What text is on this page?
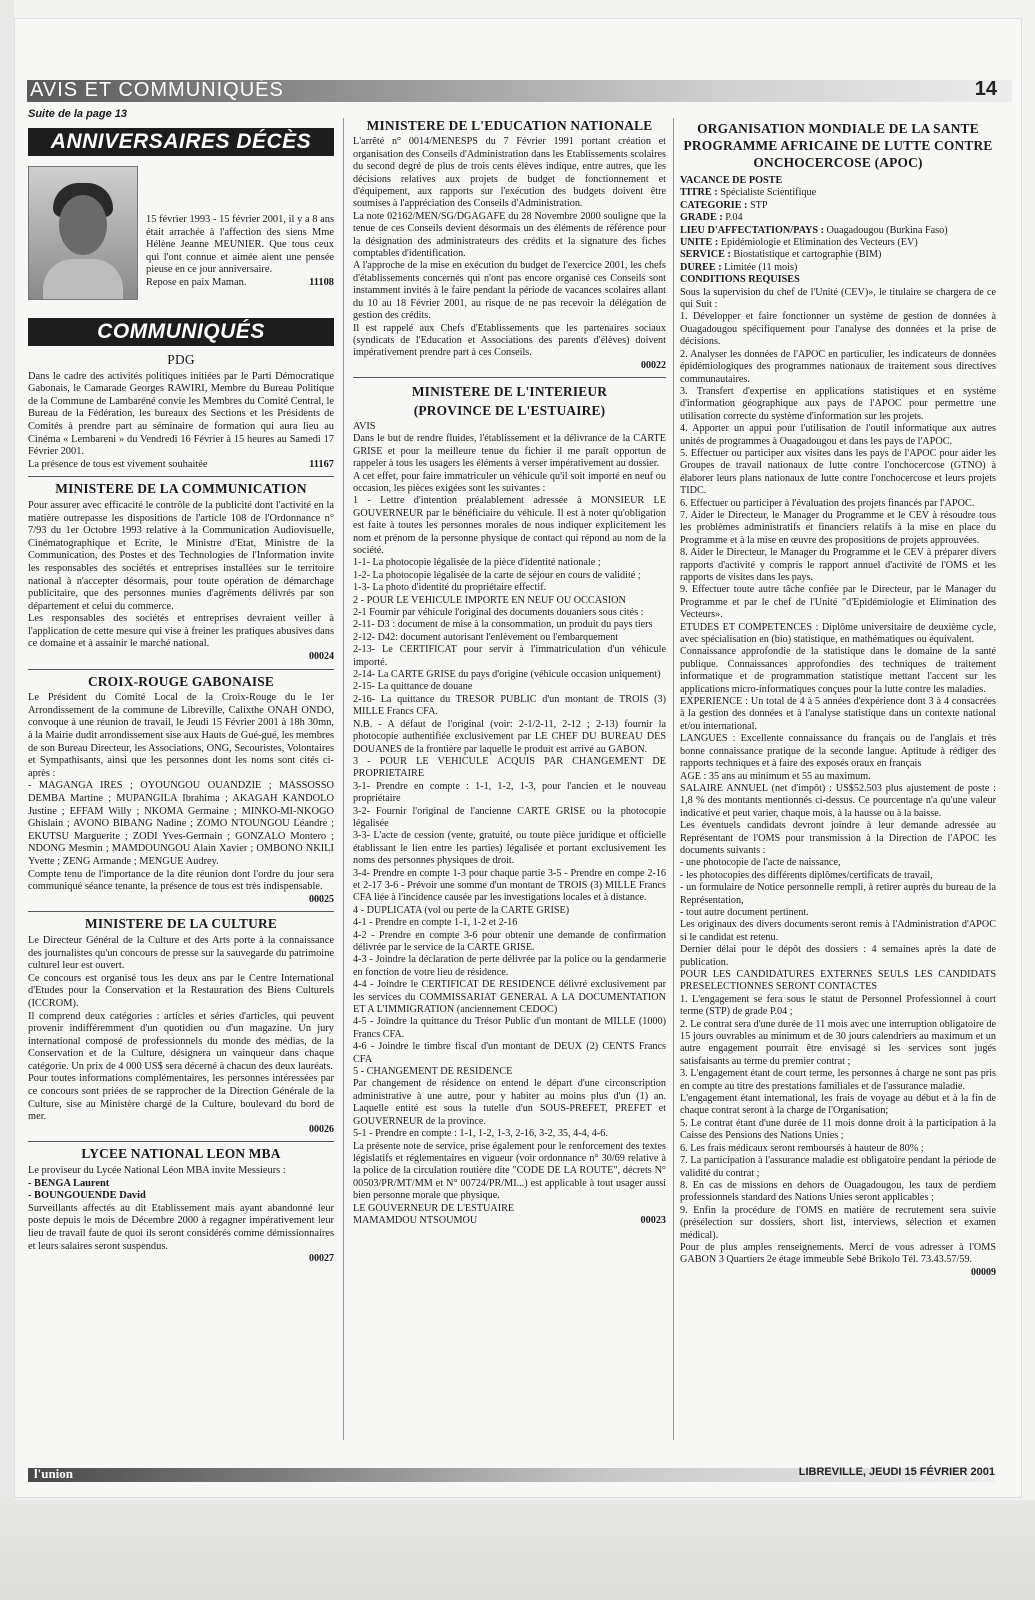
AVIS ET COMMUNIQUÉS	14
Suite de la page 13
ANNIVERSAIRES DÉCÈS

15 février 1993 - 15 février 2001, il y a 8 ans était arrachée à l'affection des siens Mme Hélène Jeanne MEUNIER. Que tous ceux qui l'ont connue et aimée aient une pensée pieuse en ce jour anniversaire.

Repose en paix Maman.	11108

COMMUNIQUÉS
PDG

Dans le cadre des activités politiques initiées par le Parti Démocratique Gabonais, le Camarade Georges RAWIRI, Membre du Bureau Politique de la Commune de Lambaréné convie les Membres du Comité Central, le Bureau de la Fédération, les bureaux des Sections et les Présidents de Comités à prendre part au séminaire de formation qui aura lieu au Cinéma « Lembareni » du Vendredi 16 Février à 15 heures au Samedi 17 Février 2001.

La présence de tous est vivement souhaitée	11167

MINISTERE DE LA COMMUNICATION

Pour assurer avec efficacité le contrôle de la publicité dont l'activité en la matière outrepasse les dispositions de l'article 108 de l'Ordonnance n° 7/93 du 1er Octobre 1993 relative à la Communication Audiovisuelle, Cinématographique et Ecrite, le Ministre d'Etat, Ministre de la Communication, des Postes et des Technologies de l'Information invite les responsables des sociétés et entreprises installées sur le territoire national à n'accepter désormais, pour toute opération de démarchage publicitaire, que des personnes munies d'agréments délivrés par son département et celui du commerce.

Les responsables des sociétés et entreprises devraient veiller à l'application de cette mesure qui vise à freiner les pratiques abusives dans ce domaine et à assainir le marché national.

00024
CROIX-ROUGE GABONAISE

Le Président du Comité Local de la Croix-Rouge du le 1er Arrondissement de la commune de Libreville, Calixthe ONAH ONDO, convoque à une réunion de travail, le Jeudi 15 Février 2001 à 18h 30mn, à la Mairie dudit arrondissement sise aux Hauts de Gué-gué, les membres de son Bureau Directeur, les Associations, ONG, Secouristes, Volontaires et Sympathisants, ainsi que les personnes dont les noms sont cités ci-après :

- MAGANGA IRES ; OYOUNGOU OUANDZIE ; MASSOSSO DEMBA Martine ; MUPANGILA Ibrahima ; AKAGAH KANDOLO Justine ; EFFAM Willy ; NKOMA Germaine ; MINKO-MI-NKOGO Ghislain ; AVONO BIBANG Nadine ; ZOMO NTOUNGOU Léandre ; EKUTSU Marguerite ; ZODI Yves-Germain ; GONZALO Montero ; NDONG Mesmin ; MAMDOUNGOU Alain Xavier ; OMBONO NKILI Yvette ; ZENG Armande ; MENGUE Audrey.

Compte tenu de l'importance de la dite réunion dont l'ordre du jour sera communiqué séance tenante, la présence de tous est très indispensable.

00025
MINISTERE DE LA CULTURE

Le Directeur Général de la Culture et des Arts porte à la connaissance des journalistes qu'un concours de presse sur la sauvegarde du patrimoine culturel leur est ouvert.

Ce concours est organisé tous les deux ans par le Centre International d'Etudes pour la Conservation et la Restauration des Biens Culturels (ICCROM).

Il comprend deux catégories : articles et séries d'articles, qui peuvent provenir indifféremment d'un quotidien ou d'un magazine. Un jury international composé de professionnels du monde des médias, de la Conservation et de la Culture, désignera un vainqueur dans chaque catégorie. Un prix de 4 000 US$ sera décerné à chacun des deux lauréats.

Pour toutes informations complémentaires, les personnes intéressées par ce concours sont priées de se rapprocher de la Direction Générale de la Culture, sise au Ministère chargé de la Culture, boulevard du bord de mer.

00026
LYCEE NATIONAL LEON MBA

Le proviseur du Lycée National Léon MBA invite Messieurs :

- BENGA Laurent

- BOUNGOUENDE David

Surveillants affectés au dit Etablissement mais ayant abandonné leur poste depuis le mois de Décembre 2000 à regagner impérativement leur lieu de travail faute de quoi ils seront considérés comme démissionnaires et leurs salaires seront suspendus.

00027
MINISTERE DE L'EDUCATION NATIONALE

L'arrêté n° 0014/MENESPS du 7 Février 1991 portant création et organisation des Conseils d'Administration dans les Etablissements scolaires du second degré de plus de trois cents élèves indique, entre autres, que les décisions relatives aux projets de budget de fonctionnement et d'équipement, aux rapports sur l'exécution des budgets doivent être soumises à l'appréciation des Conseils d'Administration.

La note 02162/MEN/SG/DGAGAFE du 28 Novembre 2000 souligne que la tenue de ces Conseils devient désormais un des éléments de référence pour la désignation des administrateurs des crédits et la signature des fiches comptables d'identification.

A l'approche de la mise en exécution du budget de l'exercice 2001, les chefs d'établissements concernés qui n'ont pas encore organisé ces Conseils sont instamment invités à le faire pendant la période de vacances scolaires allant du 10 au 18 Février 2001, au risque de ne pas recevoir la délégation de gestion des crédits.

Il est rappelé aux Chefs d'Etablissements que les partenaires sociaux (syndicats de l'Education et Associations des parents d'élèves) doivent impérativement prendre part à ces Conseils.

00022
MINISTERE DE L'INTERIEUR
(PROVINCE DE L'ESTUAIRE)

AVIS

Dans le but de rendre fluides, l'établissement et la délivrance de la CARTE GRISE et pour la meilleure tenue du fichier il me paraît opportun de rappeler à tous les usagers les éléments à verser impérativement au dossier.

A cet effet, pour faire immatriculer un véhicule qu'il soit importé en neuf ou occasion, les pièces exigées sont les suivantes :

1 - Lettre d'intention préalablement adressée à MONSIEUR LE GOUVERNEUR par le bénéficiaire du véhicule. Il est à noter qu'obligation est faite à toutes les personnes morales de nous indiquer explicitement les nom et prénom de la personne physique de contact qui répond au nom de la société.

1-1- La photocopie légalisée de la pièce d'identité nationale ;

1-2- La photocopie légalisée de la carte de séjour en cours de validité ;

1-3- La photo d'identité du propriétaire effectif.

2 - POUR LE VEHICULE IMPORTE EN NEUF OU OCCASION

2-1 Fournir par véhicule l'original des documents douaniers sous cités :

2-11- D3 : document de mise à la consommation, un produit du pays tiers

2-12- D42: document autorisant l'enlèvement ou l'embarquement

2-13- Le CERTIFICAT pour servir à l'immatriculation d'un véhicule importé.

2-14- La CARTE GRISE du pays d'origine (véhicule occasion uniquement)

2-15- La quittance de douane

2-16- La quittance du TRESOR PUBLIC d'un montant de TROIS (3) MILLE Francs CFA.

N.B. - A défaut de l'original (voir: 2-1/2-11, 2-12 ; 2-13) fournir la photocopie authentifiée exclusivement par LE CHEF DU BUREAU DES DOUANES de la frontière par laquelle le produit est arrivé au GABON.

3 - POUR LE VEHICULE ACQUIS PAR CHANGEMENT DE PROPRIETAIRE

3-1- Prendre en compte : 1-1, 1-2, 1-3, pour l'ancien et le nouveau propriétaire

3-2- Fournir l'original de l'ancienne CARTE GRISE ou la photocopie légalisée

3-3- L'acte de cession (vente, gratuité, ou toute pièce juridique et officielle établissant le lien entre les parties) légalisée et portant exclusivement les noms des personnes physiques de droit.

3-4- Prendre en compte 1-3 pour chaque partie 3-5 - Prendre en compe 2-16 et 2-17 3-6 - Prévoir une somme d'un montant de TROIS (3) MILLE Francs CFA liée à l'incidence causée par les investigations locales et à distance.

4 - DUPLICATA (vol ou perte de la CARTE GRISE)

4-1 - Prendre en compte 1-1, 1-2 et 2-16

4-2 - Prendre en compte 3-6 pour obtenir une demande de confirmation délivrée par le service de la CARTE GRISE.

4-3 - Joindre la déclaration de perte délivrée par la police ou la gendarmerie en fonction de votre lieu de résidence.

4-4 - Joindre le CERTIFICAT DE RESIDENCE délivré exclusivement par les services du COMMISSARIAT GENERAL A LA DOCUMENTATION ET A L'IMMIGRATION (anciennement CEDOC)

4-5 - Joindre la quittance du Trésor Public d'un montant de MILLE (1000) Francs CFA.

4-6 - Joindre le timbre fiscal d'un montant de DEUX (2) CENTS Francs CFA

5 - CHANGEMENT DE RESIDENCE

Par changement de résidence on entend le départ d'une circonscription administrative à une autre, pour y habiter au moins plus d'un (1) an. Laquelle entité est sous la tutelle d'un SOUS-PREFET, PREFET et GOUVERNEUR de la province.

5-1 - Prendre en compte : 1-1, 1-2, 1-3, 2-16, 3-2, 35, 4-4, 4-6.

La présente note de service, prise également pour le renforcement des textes législatifs et réglementaires en vigueur (voir ordonnance n° 30/69 relative à la police de la circulation routière dite "CODE DE LA ROUTE", décrets N° 00503/PR/MT/MM et N° 00724/PR/MI...) est applicable à tout usager aussi bien personne morale que physique.

LE GOUVERNEUR DE L'ESTUAIRE

MAMAMDOU NTSOUMOU	00023

ORGANISATION MONDIALE DE LA SANTE PROGRAMME AFRICAINE DE LUTTE CONTRE ONCHOCERCOSE (APOC)

VACANCE DE POSTE

TITRE : Spécialiste Scientifique

CATEGORIE : STP

GRADE : P.04

LIEU D'AFFECTATION/PAYS : Ouagadougou (Burkina Faso)

UNITE : Epidémiologie et Elimination des Vecteurs (EV)

SERVICE : Biostatistique et cartographie (BIM)

DUREE : Limitée (11 mois)

CONDITIONS REQUISES

Sous la supervision du chef de l'Unité (CEV)», le titulaire se chargera de ce qui Suit :

1. Développer et faire fonctionner un système de gestion de données à Ouagadougou spécifiquement pour l'analyse des données et la prise de décisions.

2. Analyser les données de l'APOC en particulier, les indicateurs de données épidémiologiques des programmes nationaux de traitement sous directives communautaires.

3. Transfert d'expertise en applications statistiques et en système d'information géographique aux pays de l'APOC pour permettre une utilisation correcte du système d'information sur les projets.

4. Apporter un appui pour l'utilisation de l'outil informatique aux autres unités de programmes à Ouagadougou et dans les pays de l'APOC.

5. Effectuer ou participer aux visites dans les pays de l'APOC pour aider les Groupes de travail nationaux de lutte contre l'onchocercose (GTNO) à élaborer leurs plans nationaux de lutte contre l'onchocercose et leurs projets TIDC.

6. Effectuer ou participer à l'évaluation des projets financés par l'APOC.

7. Aider le Directeur, le Manager du Programme et le CEV à résoudre tous les problèmes administratifs et financiers relatifs à la mise en place du Programme et à la mise en œuvre des propositions de projets approuvées.

8. Aider le Directeur, le Manager du Programme et le CEV à préparer divers rapports d'activité y compris le rapport annuel d'activité de l'OMS et les rapports de visites dans les pays.

9. Effectuer toute autre tâche confiée par le Directeur, par le Manager du Programme et par le chef de l'Unité "d'Epidémiologie et Elimination des Vecteurs».

ETUDES ET COMPETENCES : Diplôme universitaire de deuxième cycle, avec spécialisation en (bio) statistique, en mathématiques ou équivalent.

Connaissance approfondie de la statistique dans le domaine de la santé publique. Connaissances approfondies des techniques de traitement informatique et de programmation statistique mettant l'accent sur les applications micro-informatiques conçues pour la lutte contre les maladies.

EXPERIENCE : Un total de 4 à 5 années d'expérience dont 3 à 4 consacrées à la gestion des données et à l'analyse statistique dans un contexte national et/ou international.

LANGUES : Excellente connaissance du français ou de l'anglais et très bonne connaissance pratique de la seconde langue. Aptitude à rédiger des rapports techniques et à faire des exposés oraux en français

AGE : 35 ans au minimum et 55 au maximum.

SALAIRE ANNUEL (net d'impôt) : US$52.503 plus ajustement de poste : 1,8 % des montants mentionnés ci-dessus. Ce pourcentage n'a qu'une valeur indicative et peut varier, chaque mois, à la hausse ou à la baisse.

Les éventuels candidats devront joindre à leur demande adressée au Représentant de l'OMS pour transmission à la Direction de l'APOC les documents suivants :

- une photocopie de l'acte de naissance,

- les photocopies des différents diplômes/certificats de travail,

- un formulaire de Notice personnelle rempli, à retirer auprès du bureau de la Représentation,

- tout autre document pertinent.

Les originaux des divers documents seront remis à l'Administration d'APOC si le candidat est retenu.

Dernier délai pour le dépôt des dossiers : 4 semaines après la date de publication.

POUR LES CANDIDATURES EXTERNES SEULS LES CANDIDATS PRESELECTIONNES SERONT CONTACTES

1. L'engagement se fera sous le statut de Personnel Professionnel à court terme (STP) de grade P.04 ;

2. Le contrat sera d'une durée de 11 mois avec une interruption obligatoire de 15 jours ouvrables au minimum et de 30 jours calendriers au maximum et un autre engagement pourrait être envisagé si les services sont jugés satisfaisants au terme du premier contrat ;

3. L'engagement étant de court terme, les personnes à charge ne sont pas pris en compte au titre des prestations familiales et de l'assurance maladie.

L'engagement étant international, les frais de voyage au début et à la fin de chaque contrat seront à la charge de l'Organisation;

5. Le contrat étant d'une durée de 11 mois donne droit à la participation à la Caisse des Pensions des Nations Unies ;

6. Les frais médicaux seront remboursés à hauteur de 80% ;

7. La participation à l'assurance maladie est obligatoire pendant la période de validité du contrat ;

8. En cas de missions en dehors de Ouagadougou, les taux de perdiem professionnels standard des Nations Unies seront applicables ;

9. Enfin la procédure de l'OMS en matière de recrutement sera suivie (présélection sur dossiers, short list, interviews, sélection et examen médical).

Pour de plus amples renseignements. Merci de vous adresser à l'OMS GABON 3 Quartiers 2e étage immeuble Sebé Brikolo Tél. 73.43.57/59.

00009
l'union	LIBREVILLE, JEUDI 15 FÉVRIER 2001
